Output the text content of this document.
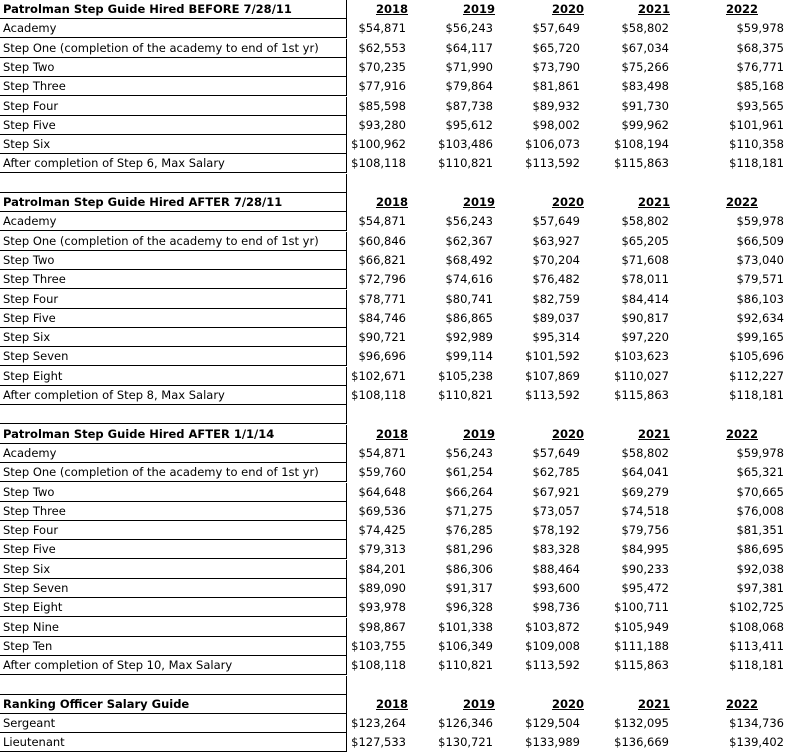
Patrolman Step Guide Hired BEFORE 7/28/11	2018	2019	2020	2021	2022
Academy	$54,871	$56,243	$57,649	$58,802	$59,978
Step One (completion of the academy to end of 1st yr)	$62,553	$64,117	$65,720	$67,034	$68,375
Step Two	$70,235	$71,990	$73,790	$75,266	$76,771
Step Three	$77,916	$79,864	$81,861	$83,498	$85,168
Step Four	$85,598	$87,738	$89,932	$91,730	$93,565
Step Five	$93,280	$95,612	$98,002	$99,962	$101,961
Step Six	$100,962	$103,486	$106,073	$108,194	$110,358
After completion of Step 6, Max Salary	$108,118	$110,821	$113,592	$115,863	$118,181
Patrolman Step Guide Hired AFTER 7/28/11	2018	2019	2020	2021	2022
Academy	$54,871	$56,243	$57,649	$58,802	$59,978
Step One (completion of the academy to end of 1st yr)	$60,846	$62,367	$63,927	$65,205	$66,509
Step Two	$66,821	$68,492	$70,204	$71,608	$73,040
Step Three	$72,796	$74,616	$76,482	$78,011	$79,571
Step Four	$78,771	$80,741	$82,759	$84,414	$86,103
Step Five	$84,746	$86,865	$89,037	$90,817	$92,634
Step Six	$90,721	$92,989	$95,314	$97,220	$99,165
Step Seven	$96,696	$99,114	$101,592	$103,623	$105,696
Step Eight	$102,671	$105,238	$107,869	$110,027	$112,227
After completion of Step 8, Max Salary	$108,118	$110,821	$113,592	$115,863	$118,181
Patrolman Step Guide Hired AFTER 1/1/14	2018	2019	2020	2021	2022
Academy	$54,871	$56,243	$57,649	$58,802	$59,978
Step One (completion of the academy to end of 1st yr)	$59,760	$61,254	$62,785	$64,041	$65,321
Step Two	$64,648	$66,264	$67,921	$69,279	$70,665
Step Three	$69,536	$71,275	$73,057	$74,518	$76,008
Step Four	$74,425	$76,285	$78,192	$79,756	$81,351
Step Five	$79,313	$81,296	$83,328	$84,995	$86,695
Step Six	$84,201	$86,306	$88,464	$90,233	$92,038
Step Seven	$89,090	$91,317	$93,600	$95,472	$97,381
Step Eight	$93,978	$96,328	$98,736	$100,711	$102,725
Step Nine	$98,867	$101,338	$103,872	$105,949	$108,068
Step Ten	$103,755	$106,349	$109,008	$111,188	$113,411
After completion of Step 10, Max Salary	$108,118	$110,821	$113,592	$115,863	$118,181
Ranking Officer Salary Guide	2018	2019	2020	2021	2022
Sergeant	$123,264	$126,346	$129,504	$132,095	$134,736
Lieutenant	$127,533	$130,721	$133,989	$136,669	$139,402
